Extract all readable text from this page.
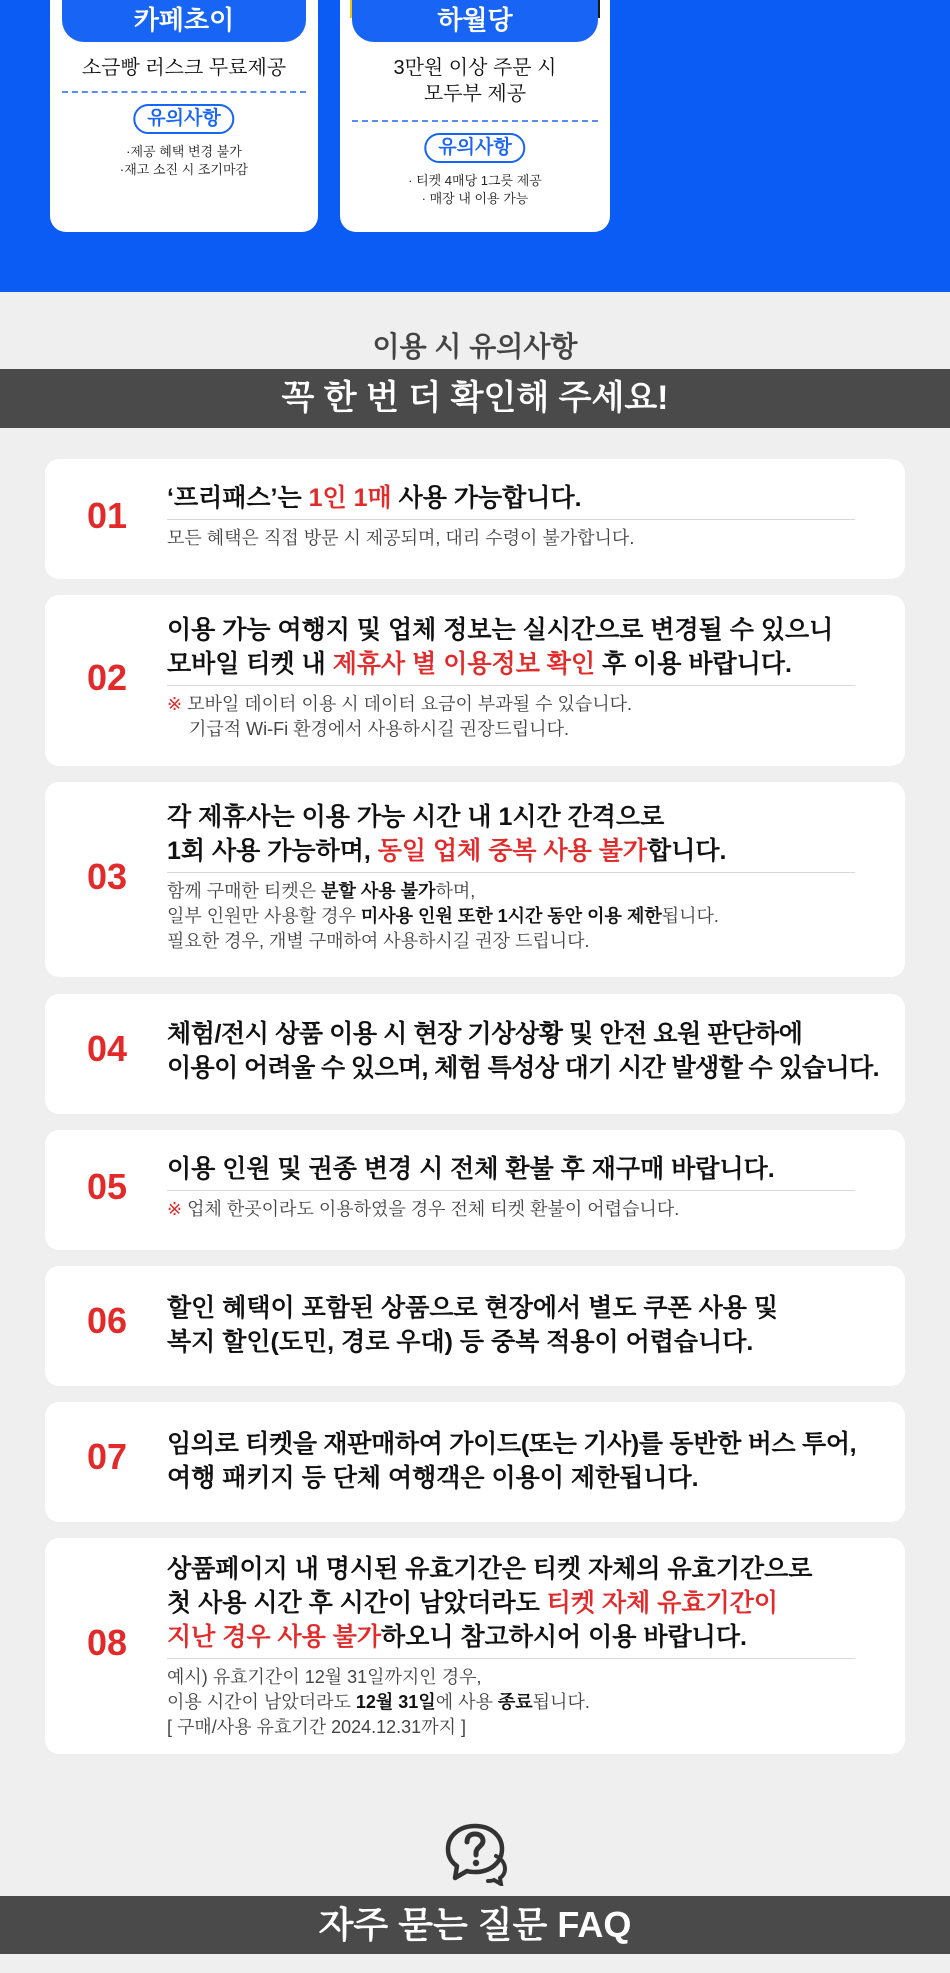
카페초이
소금빵 러스크 무료제공
유의사항
·제공 혜택 변경 불가
·재고 소진 시 조기마감
하월당
3만원 이상 주문 시
모두부 제공
유의사항
· 티켓 4매당 1그릇 제공
· 매장 내 이용 가능
이용 시 유의사항
꼭 한 번 더 확인해 주세요!
01	‘프리패스’는 1인 1매 사용 가능합니다.
모든 혜택은 직접 방문 시 제공되며, 대리 수령이 불가합니다.
02
이용 가능 여행지 및 업체 정보는 실시간으로 변경될 수 있으니
모바일 티켓 내 제휴사 별 이용정보 확인 후 이용 바랍니다.
※ 모바일 데이터 이용 시 데이터 요금이 부과될 수 있습니다.
기급적 Wi-Fi 환경에서 사용하시길 권장드립니다.
03
각 제휴사는 이용 가능 시간 내 1시간 간격으로
1회 사용 가능하며, 동일 업체 중복 사용 불가합니다.
함께 구매한 티켓은 분할 사용 불가하며,
일부 인원만 사용할 경우 미사용 인원 또한 1시간 동안 이용 제한됩니다.
필요한 경우, 개별 구매하여 사용하시길 권장 드립니다.
04	체험/전시 상품 이용 시 현장 기상상황 및 안전 요원 판단하에
이용이 어려울 수 있으며, 체험 특성상 대기 시간 발생할 수 있습니다.
05	이용 인원 및 권종 변경 시 전체 환불 후 재구매 바랍니다.
※ 업체 한곳이라도 이용하였을 경우 전체 티켓 환불이 어렵습니다.
06	할인 혜택이 포함된 상품으로 현장에서 별도 쿠폰 사용 및
복지 할인(도민, 경로 우대) 등 중복 적용이 어렵습니다.
07	임의로 티켓을 재판매하여 가이드(또는 기사)를 동반한 버스 투어,
여행 패키지 등 단체 여행객은 이용이 제한됩니다.
08
상품페이지 내 명시된 유효기간은 티켓 자체의 유효기간으로
첫 사용 시간 후 시간이 남았더라도 티켓 자체 유효기간이
지난 경우 사용 불가하오니 참고하시어 이용 바랍니다.
예시) 유효기간이 12월 31일까지인 경우,
이용 시간이 남았더라도 12월 31일에 사용 종료됩니다.
[ 구매/사용 유효기간 2024.12.31까지 ]
자주 묻는 질문 FAQ
